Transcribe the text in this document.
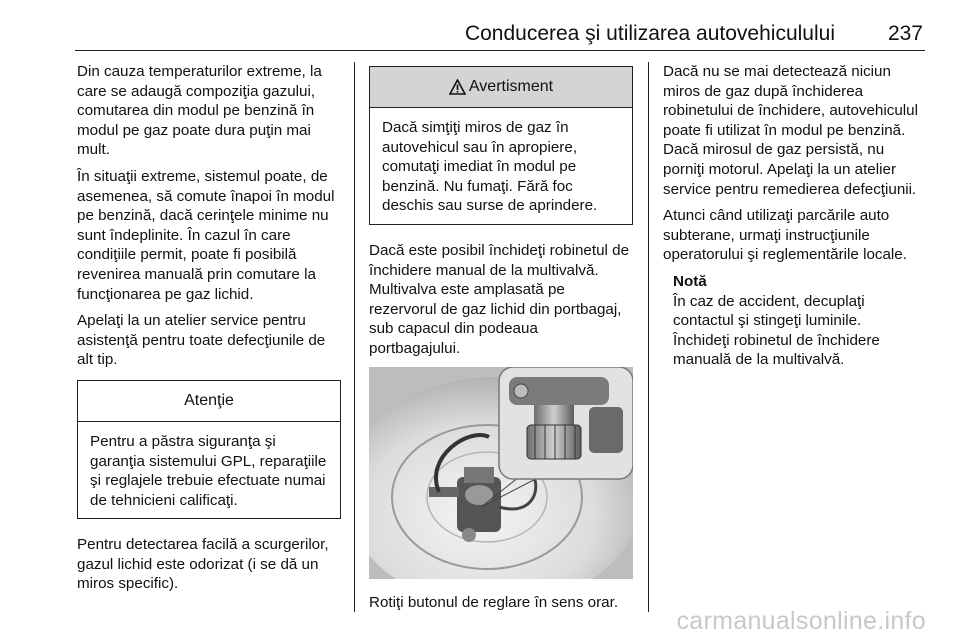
Conducerea şi utilizarea autovehiculului	237

Din cauza temperaturilor extreme, la care se adaugă compoziţia gazului, comutarea din modul pe benzină în modul pe gaz poate dura puţin mai mult.

În situaţii extreme, sistemul poate, de asemenea, să comute înapoi în modul pe benzină, dacă cerinţele minime nu sunt îndeplinite. În cazul în care condiţiile permit, poate fi posibilă revenirea manuală prin comutare la funcţionarea pe gaz lichid.

Apelaţi la un atelier service pentru asistenţă pentru toate defecţiunile de alt tip.

Atenţie
Pentru a păstra siguranţa şi garanţia sistemului GPL, reparaţiile şi reglajele trebuie efectuate numai de tehnicieni calificaţi.

Pentru detectarea facilă a scurgerilor, gazul lichid este odorizat (i se dă un miros specific).

Avertisment
Dacă simţiţi miros de gaz în autovehicul sau în apropiere, comutaţi imediat în modul pe benzină. Nu fumaţi. Fără foc deschis sau surse de aprindere.

Dacă este posibil închideţi robinetul de închidere manual de la multivalvă. Multivalva este amplasată pe rezervorul de gaz lichid din portbagaj, sub capacul din podeaua portbagajului.

Rotiţi butonul de reglare în sens orar.

Dacă nu se mai detectează niciun miros de gaz după închiderea robinetului de închidere, autovehiculul poate fi utilizat în modul pe benzină. Dacă mirosul de gaz persistă, nu porniţi motorul. Apelaţi la un atelier service pentru remedierea defecţiunii.

Atunci când utilizaţi parcările auto subterane, urmaţi instrucţiunile operatorului şi reglementările locale.

Notă

În caz de accident, decuplaţi contactul şi stingeţi luminile.

Închideţi robinetul de închidere manuală de la multivalvă.

carmanualsonline.info
